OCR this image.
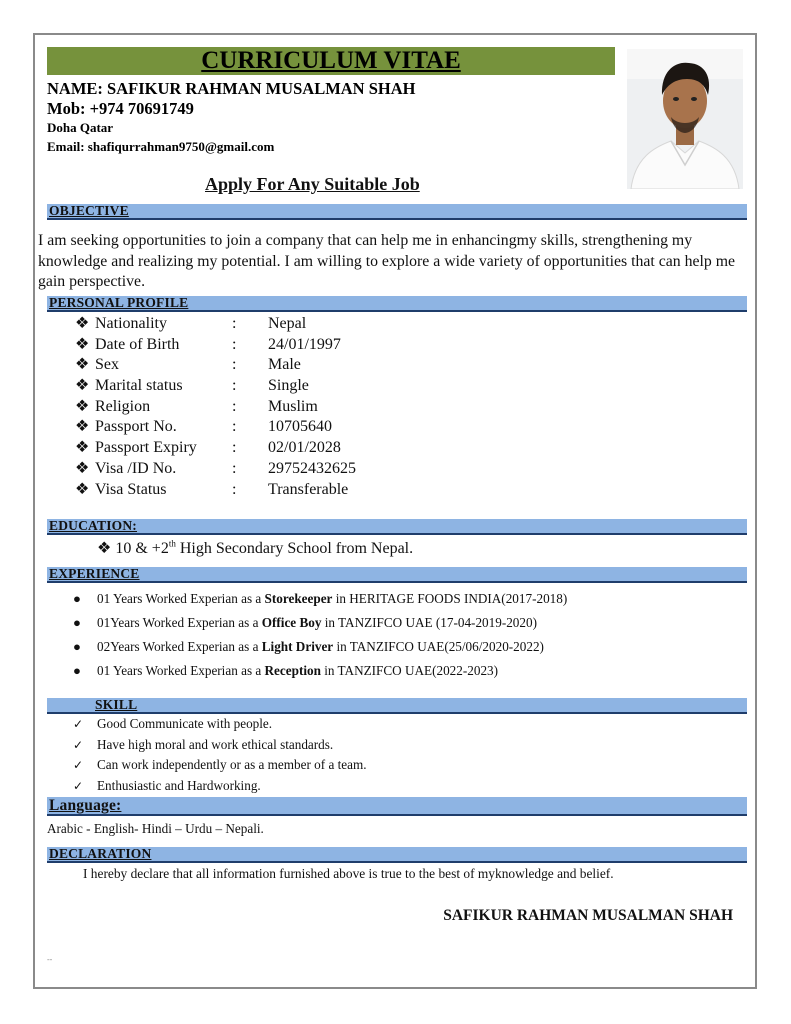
CURRICULUM VITAE
NAME: SAFIKUR RAHMAN MUSALMAN SHAH
Mob: +974 70691749
Doha Qatar
Email: shafiqurrahman9750@gmail.com
Apply For Any Suitable Job
OBJECTIVE
I am seeking opportunities to join a company that can help me in enhancingmy skills, strengthening my knowledge and realizing my potential. I am willing to explore a wide variety of opportunities that can help me gain perspective.
PERSONAL PROFILE
❖ Nationality	: Nepal
❖ Date of Birth	: 24/01/1997
❖ Sex	: Male
❖ Marital status	: Single
❖ Religion	: Muslim
❖ Passport No.	: 10705640
❖ Passport Expiry : 02/01/2028
❖ Visa /ID No.	: 29752432625
❖ Visa Status	: Transferable
EDUCATION:
❖ 10 & +2th High Secondary School from Nepal.
EXPERIENCE
● 01 Years Worked Experian as a Storekeeper in HERITAGE FOODS INDIA(2017-2018)
● 01Years Worked Experian as a Office Boy in TANZIFCO UAE (17-04-2019-2020)
● 02Years Worked Experian as a Light Driver in TANZIFCO UAE(25/06/2020-2022)
● 01 Years Worked Experian as a Reception in TANZIFCO UAE(2022-2023)
SKILL
✓ Good Communicate with people.
✓ Have high moral and work ethical standards.
✓ Can work independently or as a member of a team.
✓ Enthusiastic and Hardworking.
Language:
Arabic - English- Hindi – Urdu – Nepali.
DECLARATION
I hereby declare that all information furnished above is true to the best of myknowledge and belief.
SAFIKUR RAHMAN MUSALMAN SHAH
--
